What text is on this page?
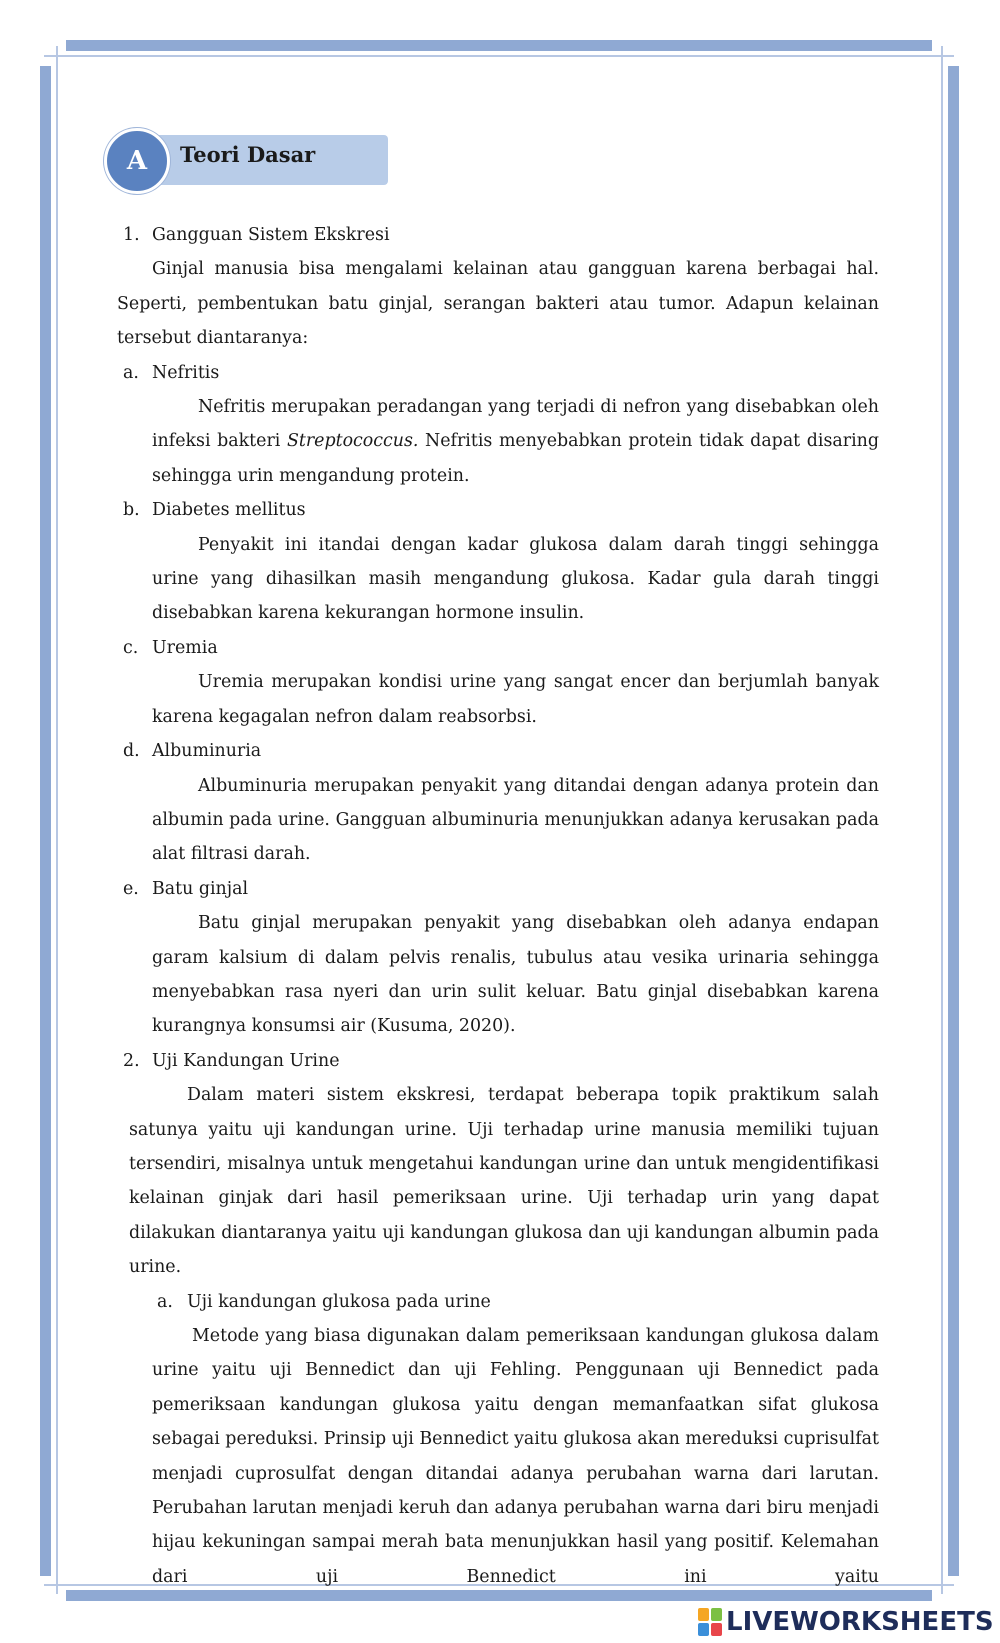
A	Teori Dasar

1. Gangguan Sistem Ekskresi

Ginjal manusia bisa mengalami kelainan atau gangguan karena berbagai hal. Seperti, pembentukan batu ginjal, serangan bakteri atau tumor. Adapun kelainan tersebut diantaranya:

a. Nefritis

Nefritis merupakan peradangan yang terjadi di nefron yang disebabkan oleh infeksi bakteri Streptococcus. Nefritis menyebabkan protein tidak dapat disaring sehingga urin mengandung protein.

b. Diabetes mellitus

Penyakit ini itandai dengan kadar glukosa dalam darah tinggi sehingga urine yang dihasilkan masih mengandung glukosa. Kadar gula darah tinggi disebabkan karena kekurangan hormone insulin.

c. Uremia

Uremia merupakan kondisi urine yang sangat encer dan berjumlah banyak karena kegagalan nefron dalam reabsorbsi.

d. Albuminuria

Albuminuria merupakan penyakit yang ditandai dengan adanya protein dan albumin pada urine. Gangguan albuminuria menunjukkan adanya kerusakan pada alat filtrasi darah.

e. Batu ginjal

Batu ginjal merupakan penyakit yang disebabkan oleh adanya endapan garam kalsium di dalam pelvis renalis, tubulus atau vesika urinaria sehingga menyebabkan rasa nyeri dan urin sulit keluar. Batu ginjal disebabkan karena kurangnya konsumsi air (Kusuma, 2020).

2. Uji Kandungan Urine

Dalam materi sistem ekskresi, terdapat beberapa topik praktikum salah satunya yaitu uji kandungan urine. Uji terhadap urine manusia memiliki tujuan tersendiri, misalnya untuk mengetahui kandungan urine dan untuk mengidentifikasi kelainan ginjak dari hasil pemeriksaan urine. Uji terhadap urin yang dapat dilakukan diantaranya yaitu uji kandungan glukosa dan uji kandungan albumin pada urine.

a. Uji kandungan glukosa pada urine

Metode yang biasa digunakan dalam pemeriksaan kandungan glukosa dalam urine yaitu uji Bennedict dan uji Fehling. Penggunaan uji Bennedict pada pemeriksaan kandungan glukosa yaitu dengan memanfaatkan sifat glukosa sebagai pereduksi. Prinsip uji Bennedict yaitu glukosa akan mereduksi cuprisulfat menjadi cuprosulfat dengan ditandai adanya perubahan warna dari larutan. Perubahan larutan menjadi keruh dan adanya perubahan warna dari biru menjadi hijau kekuningan sampai merah bata menunjukkan hasil yang positif. Kelemahan dari uji Bennedict ini yaitu

LIVEWORKSHEETS
